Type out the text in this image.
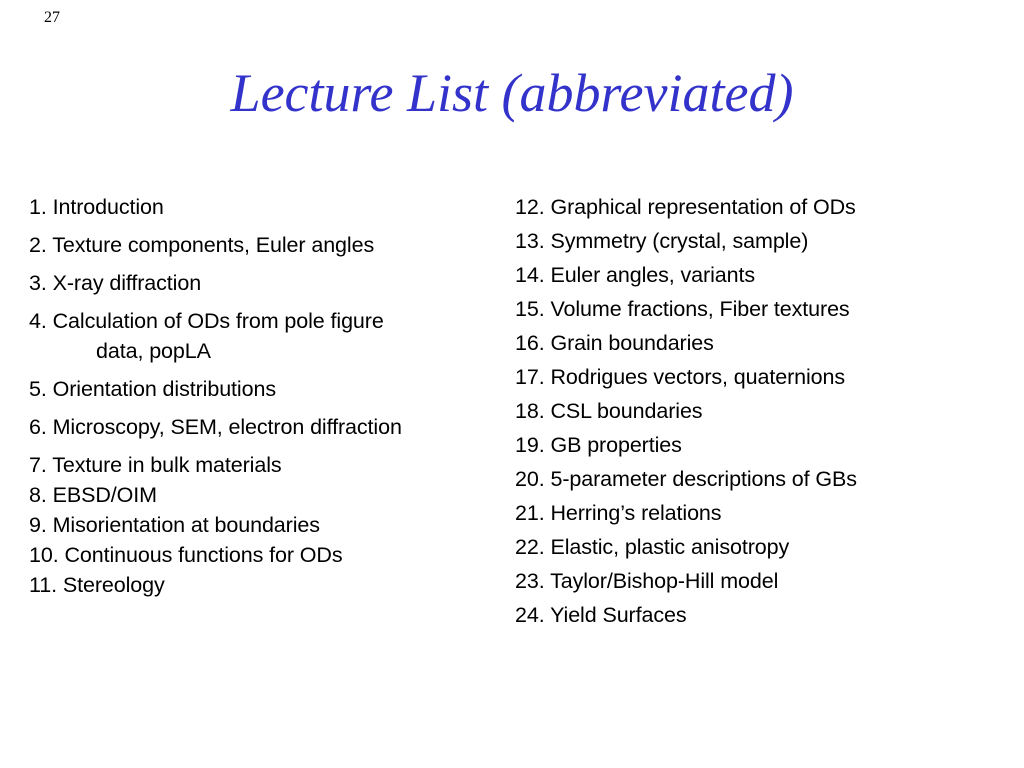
27
Lecture List (abbreviated)
1. Introduction
2. Texture components, Euler angles
3. X-ray diffraction
4. Calculation of ODs from pole figure
data, popLA
5. Orientation distributions
6. Microscopy, SEM, electron diffraction
7. Texture in bulk materials
8. EBSD/OIM
9. Misorientation at boundaries
10. Continuous functions for ODs
11. Stereology
12. Graphical representation of ODs
13. Symmetry (crystal, sample)
14. Euler angles, variants
15. Volume fractions, Fiber textures
16. Grain boundaries
17. Rodrigues vectors, quaternions
18. CSL boundaries
19. GB properties
20. 5-parameter descriptions of GBs
21. Herring’s relations
22. Elastic, plastic anisotropy
23. Taylor/Bishop-Hill model
24. Yield Surfaces
